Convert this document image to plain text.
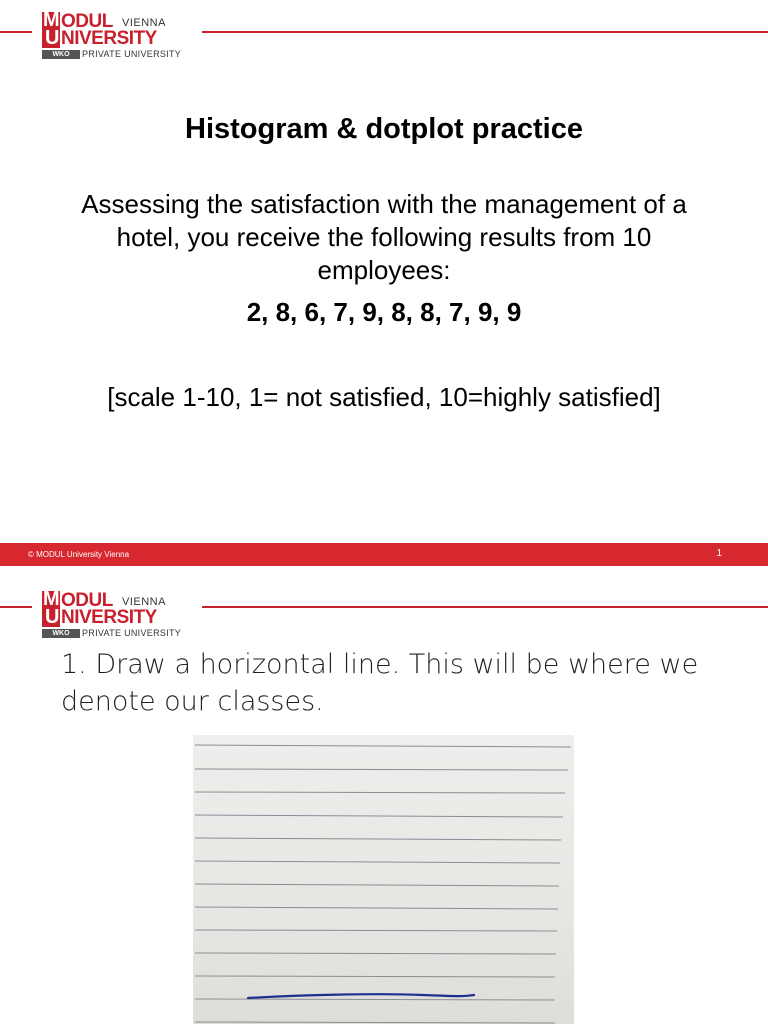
M
U
ODUL VIENNA
NIVERSITY
WKO	PRIVATE UNIVERSITY
Histogram & dotplot practice
Assessing the satisfaction with the management of a hotel, you receive the following results from 10 employees:
2, 8, 6, 7, 9, 8, 8, 7, 9, 9
[scale 1-10, 1= not satisfied, 10=highly satisfied]
© MODUL University Vienna	1
M
U
ODUL VIENNA
NIVERSITY
WKO	PRIVATE UNIVERSITY
1. Draw a horizontal line. This will be where we denote our classes.
